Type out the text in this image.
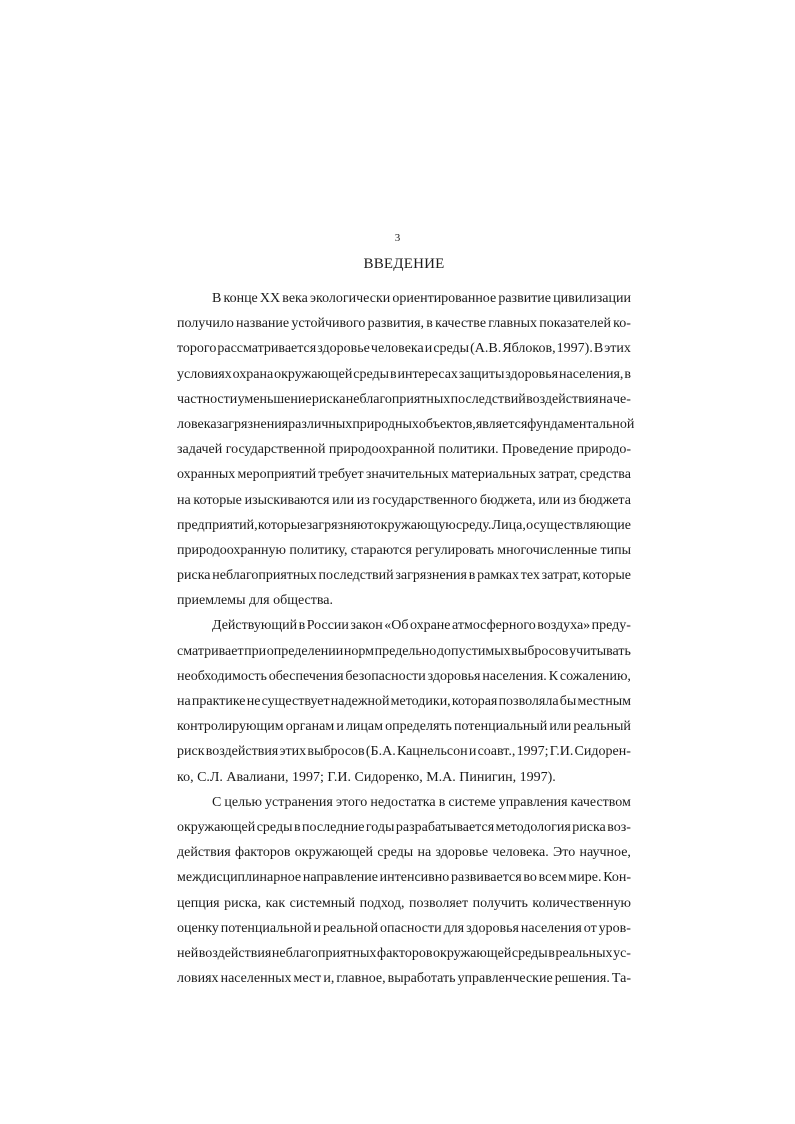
3
ВВЕДЕНИЕ
В конце XX века экологически ориентированное развитие цивилизации
получило название устойчивого развития, в качестве главных показателей ко-
торого рассматривается здоровье человека и среды (А.В. Яблоков, 1997). В этих
условиях охрана окружающей среды в интересах защиты здоровья населения, в
частности уменьшение риска неблагоприятных последствий воздействия на че-
ловека загрязнения различных природных объектов, является фундаментальной
задачей государственной природоохранной политики. Проведение природо-
охранных мероприятий требует значительных материальных затрат, средства
на которые изыскиваются или из государственного бюджета, или из бюджета
предприятий, которые загрязняют окружающую среду. Лица, осуществляющие
природоохранную политику, стараются регулировать многочисленные типы
риска неблагоприятных последствий загрязнения в рамках тех затрат, которые
приемлемы для общества.
Действующий в России закон «Об охране атмосферного воздуха» преду-
сматривает при определении норм предельно допустимых выбросов учитывать
необходимость обеспечения безопасности здоровья населения. К сожалению,
на практике не существует надежной методики, которая позволяла бы местным
контролирующим органам и лицам определять потенциальный или реальный
риск воздействия этих выбросов (Б.А. Кацнельсон и соавт., 1997; Г.И. Сидорен-
ко, С.Л. Авалиани, 1997; Г.И. Сидоренко, М.А. Пинигин, 1997).
С целью устранения этого недостатка в системе управления качеством
окружающей среды в последние годы разрабатывается методология риска воз-
действия факторов окружающей среды на здоровье человека. Это научное,
междисциплинарное направление интенсивно развивается во всем мире. Кон-
цепция риска, как системный подход, позволяет получить количественную
оценку потенциальной и реальной опасности для здоровья населения от уров-
ней воздействия неблагоприятных факторов окружающей среды в реальных ус-
ловиях населенных мест и, главное, выработать управленческие решения. Та-
